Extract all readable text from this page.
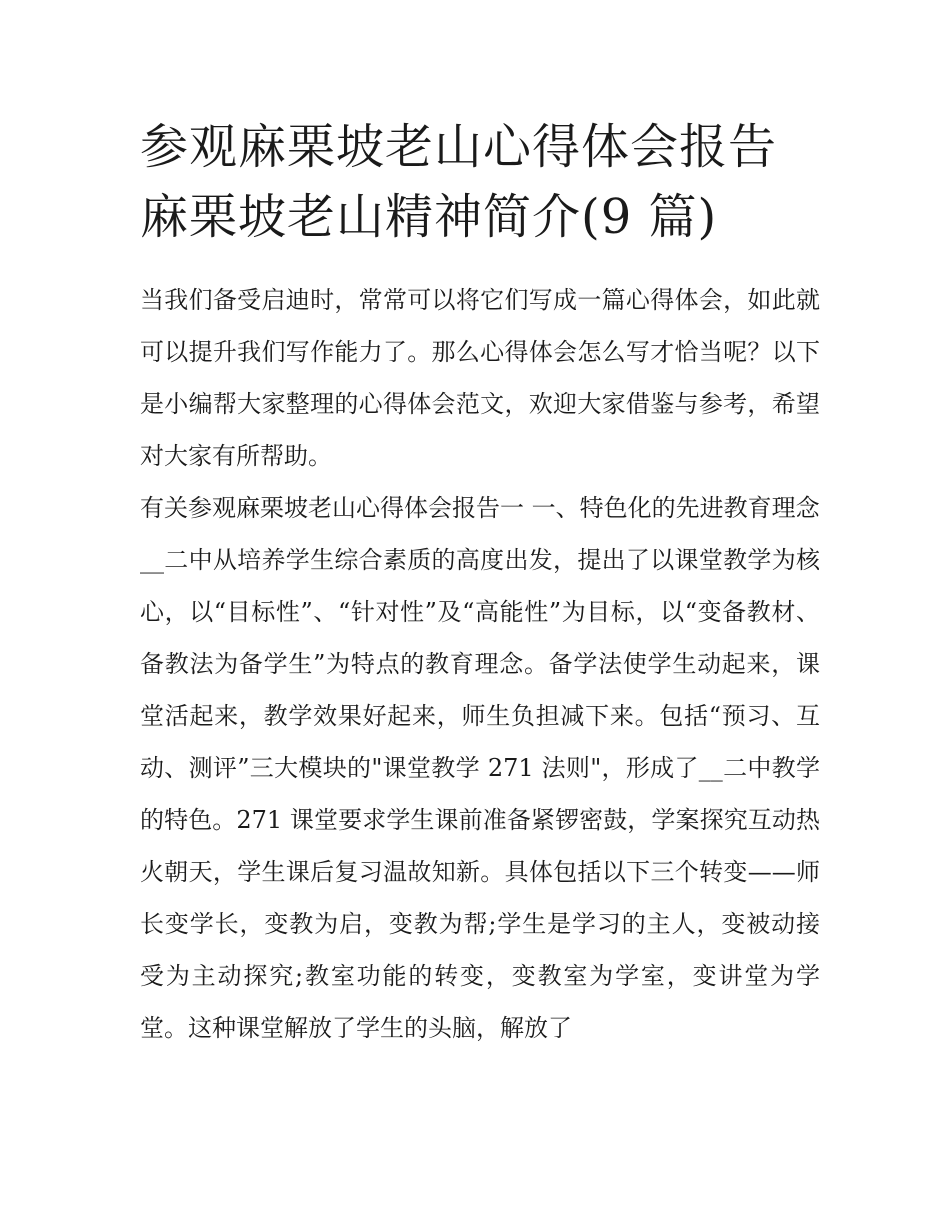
参观麻栗坡老山心得体会报告
麻栗坡老山精神简介(9 篇)

当我们备受启迪时，常常可以将它们写成一篇心得体会，如此就可以提升我们写作能力了。那么心得体会怎么写才恰当呢？以下是小编帮大家整理的心得体会范文，欢迎大家借鉴与参考，希望对大家有所帮助。

有关参观麻栗坡老山心得体会报告一 一、特色化的先进教育理念

__二中从培养学生综合素质的高度出发，提出了以课堂教学为核心，以“目标性”、“针对性”及“高能性”为目标，以“变备教材、备教法为备学生”为特点的教育理念。备学法使学生动起来，课堂活起来，教学效果好起来，师生负担减下来。包括“预习、互动、测评”三大模块的"课堂教学 271 法则"，形成了__二中教学的特色。271 课堂要求学生课前准备紧锣密鼓，学案探究互动热火朝天，学生课后复习温故知新。具体包括以下三个转变——师长变学长，变教为启，变教为帮;学生是学习的主人，变被动接受为主动探究;教室功能的转变，变教室为学室，变讲堂为学堂。这种课堂解放了学生的头脑，解放了
